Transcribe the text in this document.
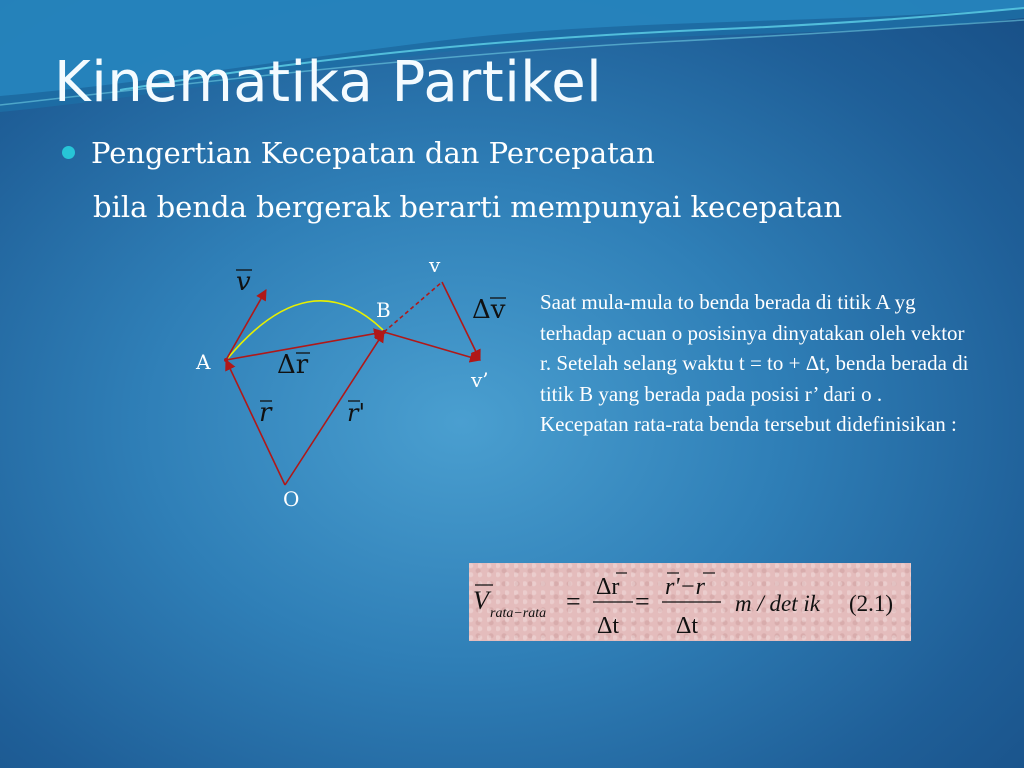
Kinematika Partikel
Pengertian Kecepatan dan Percepatan
bila benda bergerak berarti mempunyai kecepatan
v
B
A
v’
O
v
Δv
Δr
r	r'

Saat mula-mula to benda berada di titik A yg terhadap acuan o posisinya dinyatakan oleh vektor r. Setelah selang waktu t = to + Δt, benda berada di titik B yang berada pada posisi r’ dari o .

Kecepatan rata-rata benda tersebut didefinisikan :

V rata−rata = Δr
Δt
= r'−r
Δt
m / det ik (2.1)
